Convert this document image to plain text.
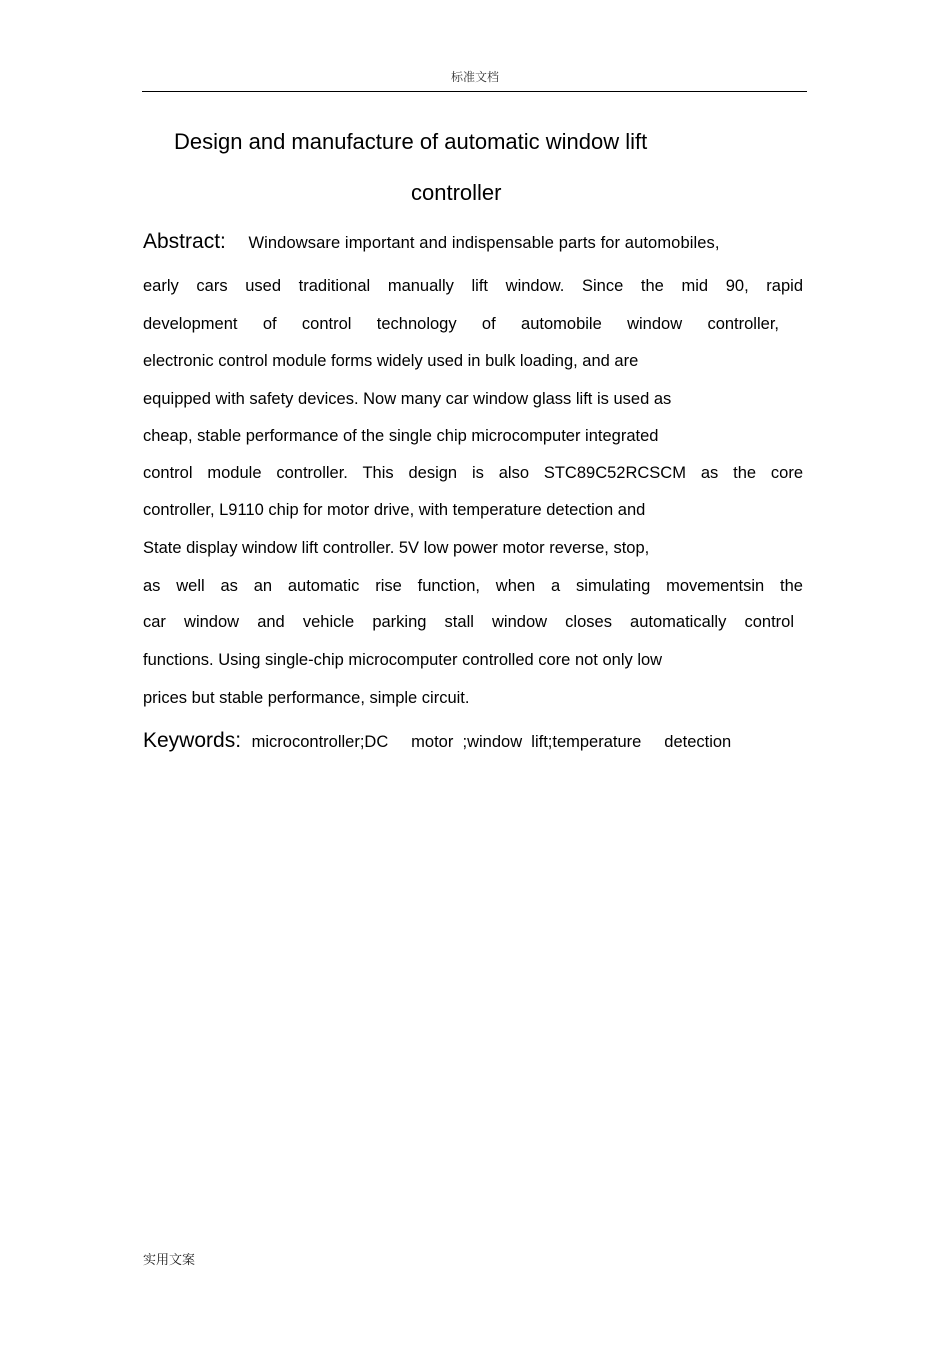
标准文档
Design and manufacture of automatic window lift
controller
Abstract: Windowsare important and indispensable parts for automobiles,
early cars used traditional manually lift window. Since the mid 90, rapid
development of control technology of automobile window controller,
electronic control module forms widely used in bulk loading, and are
equipped with safety devices. Now many car window glass lift is used as
cheap, stable performance of the single chip microcomputer integrated
control module controller. This design is also STC89C52RCSCM as the core
controller, L9110 chip for motor drive, with temperature detection and
State display window lift controller. 5V low power motor reverse, stop,
as well as an automatic rise function, when a simulating movementsin the
car window and vehicle parking stall window closes automatically control
functions. Using single-chip microcomputer controlled core not only low
prices but stable performance, simple circuit.
Keywords: microcontroller;DC     motor  ;window  lift;temperature     detection
实用文案
